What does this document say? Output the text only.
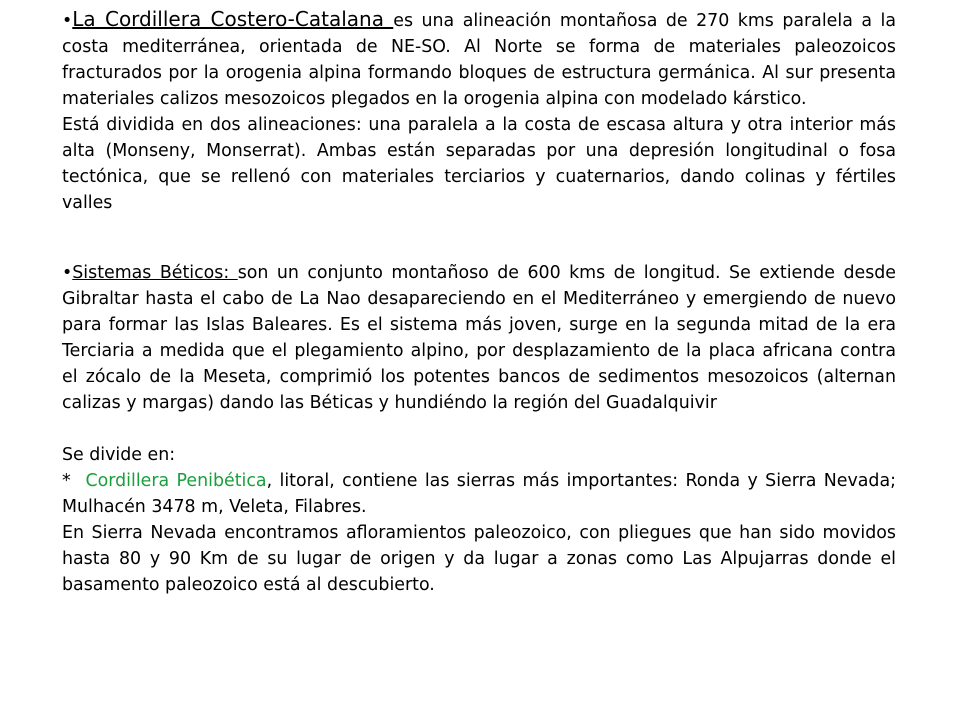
•La Cordillera Costero-Catalana es una alineación montañosa de 270 kms paralela a la costa mediterránea, orientada de NE-SO. Al Norte se forma de materiales paleozoicos fracturados por la orogenia alpina formando bloques de estructura germánica. Al sur presenta materiales calizos mesozoicos plegados en la orogenia alpina con modelado kárstico.

Está dividida en dos alineaciones: una paralela a la costa de escasa altura y otra interior más alta (Monseny, Monserrat). Ambas están separadas por una depresión longitudinal o fosa tectónica, que se rellenó con materiales terciarios y cuaternarios, dando colinas y fértiles valles

•Sistemas Béticos: son un conjunto montañoso de 600 kms de longitud. Se extiende desde Gibraltar hasta el cabo de La Nao desapareciendo en el Mediterráneo y emergiendo de nuevo para formar las Islas Baleares. Es el sistema más joven, surge en la segunda mitad de la era Terciaria a medida que el plegamiento alpino, por desplazamiento de la placa africana contra el zócalo de la Meseta, comprimió los potentes bancos de sedimentos mesozoicos (alternan calizas y margas) dando las Béticas y hundiéndo la región del Guadalquivir

Se divide en:

*  Cordillera Penibética, litoral, contiene las sierras más importantes: Ronda y Sierra Nevada; Mulhacén 3478 m, Veleta, Filabres.

En Sierra Nevada encontramos afloramientos paleozoico, con pliegues que han sido movidos hasta 80 y 90 Km de su lugar de origen y da lugar a zonas como Las Alpujarras donde el basamento paleozoico está al descubierto.
